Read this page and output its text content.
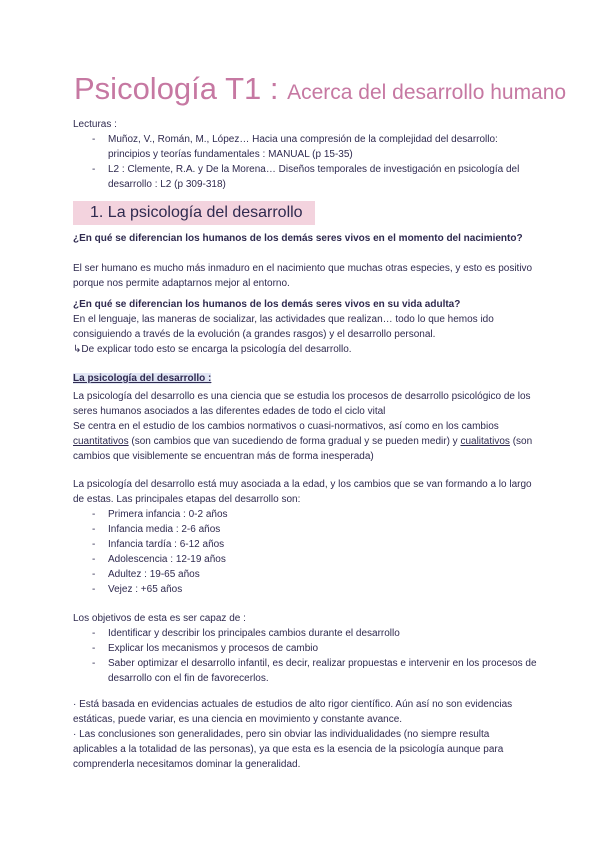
Psicología T1 : Acerca del desarrollo humano

Lecturas :

- Muñoz, V., Román, M., López… Hacia una compresión de la complejidad del desarrollo: principios y teorías fundamentales : MANUAL (p 15-35)
- L2 : Clemente, R.A. y De la Morena… Diseños temporales de investigación en psicología del desarrollo : L2 (p 309-318)
1. La psicología del desarrollo

¿En qué se diferencian los humanos de los demás seres vivos en el momento del nacimiento?

El ser humano es mucho más inmaduro en el nacimiento que muchas otras especies, y esto es positivo porque nos permite adaptarnos mejor al entorno.

¿En qué se diferencian los humanos de los demás seres vivos en su vida adulta?

En el lenguaje, las maneras de socializar, las actividades que realizan… todo lo que hemos ido consiguiendo a través de la evolución (a grandes rasgos) y el desarrollo personal.

↳De explicar todo esto se encarga la psicología del desarrollo.

La psicología del desarrollo :

La psicología del desarrollo es una ciencia que se estudia los procesos de desarrollo psicológico de los seres humanos asociados a las diferentes edades de todo el ciclo vital

Se centra en el estudio de los cambios normativos o cuasi-normativos, así como en los cambios cuantitativos (son cambios que van sucediendo de forma gradual y se pueden medir) y cualitativos (son cambios que visiblemente se encuentran más de forma inesperada)

La psicología del desarrollo está muy asociada a la edad, y los cambios que se van formando a lo largo de estas. Las principales etapas del desarrollo son:

- Primera infancia : 0-2 años
- Infancia media : 2-6 años
- Infancia tardía : 6-12 años
- Adolescencia : 12-19 años
- Adultez : 19-65 años
- Vejez : +65 años

Los objetivos de esta es ser capaz de :

- Identificar y describir los principales cambios durante el desarrollo
- Explicar los mecanismos y procesos de cambio
- Saber optimizar el desarrollo infantil, es decir, realizar propuestas e intervenir en los procesos de desarrollo con el fin de favorecerlos.

· Está basada en evidencias actuales de estudios de alto rigor científico. Aún así no son evidencias estáticas, puede variar, es una ciencia en movimiento y constante avance.

· Las conclusiones son generalidades, pero sin obviar las individualidades (no siempre resulta aplicables a la totalidad de las personas), ya que esta es la esencia de la psicología aunque para comprenderla necesitamos dominar la generalidad.
